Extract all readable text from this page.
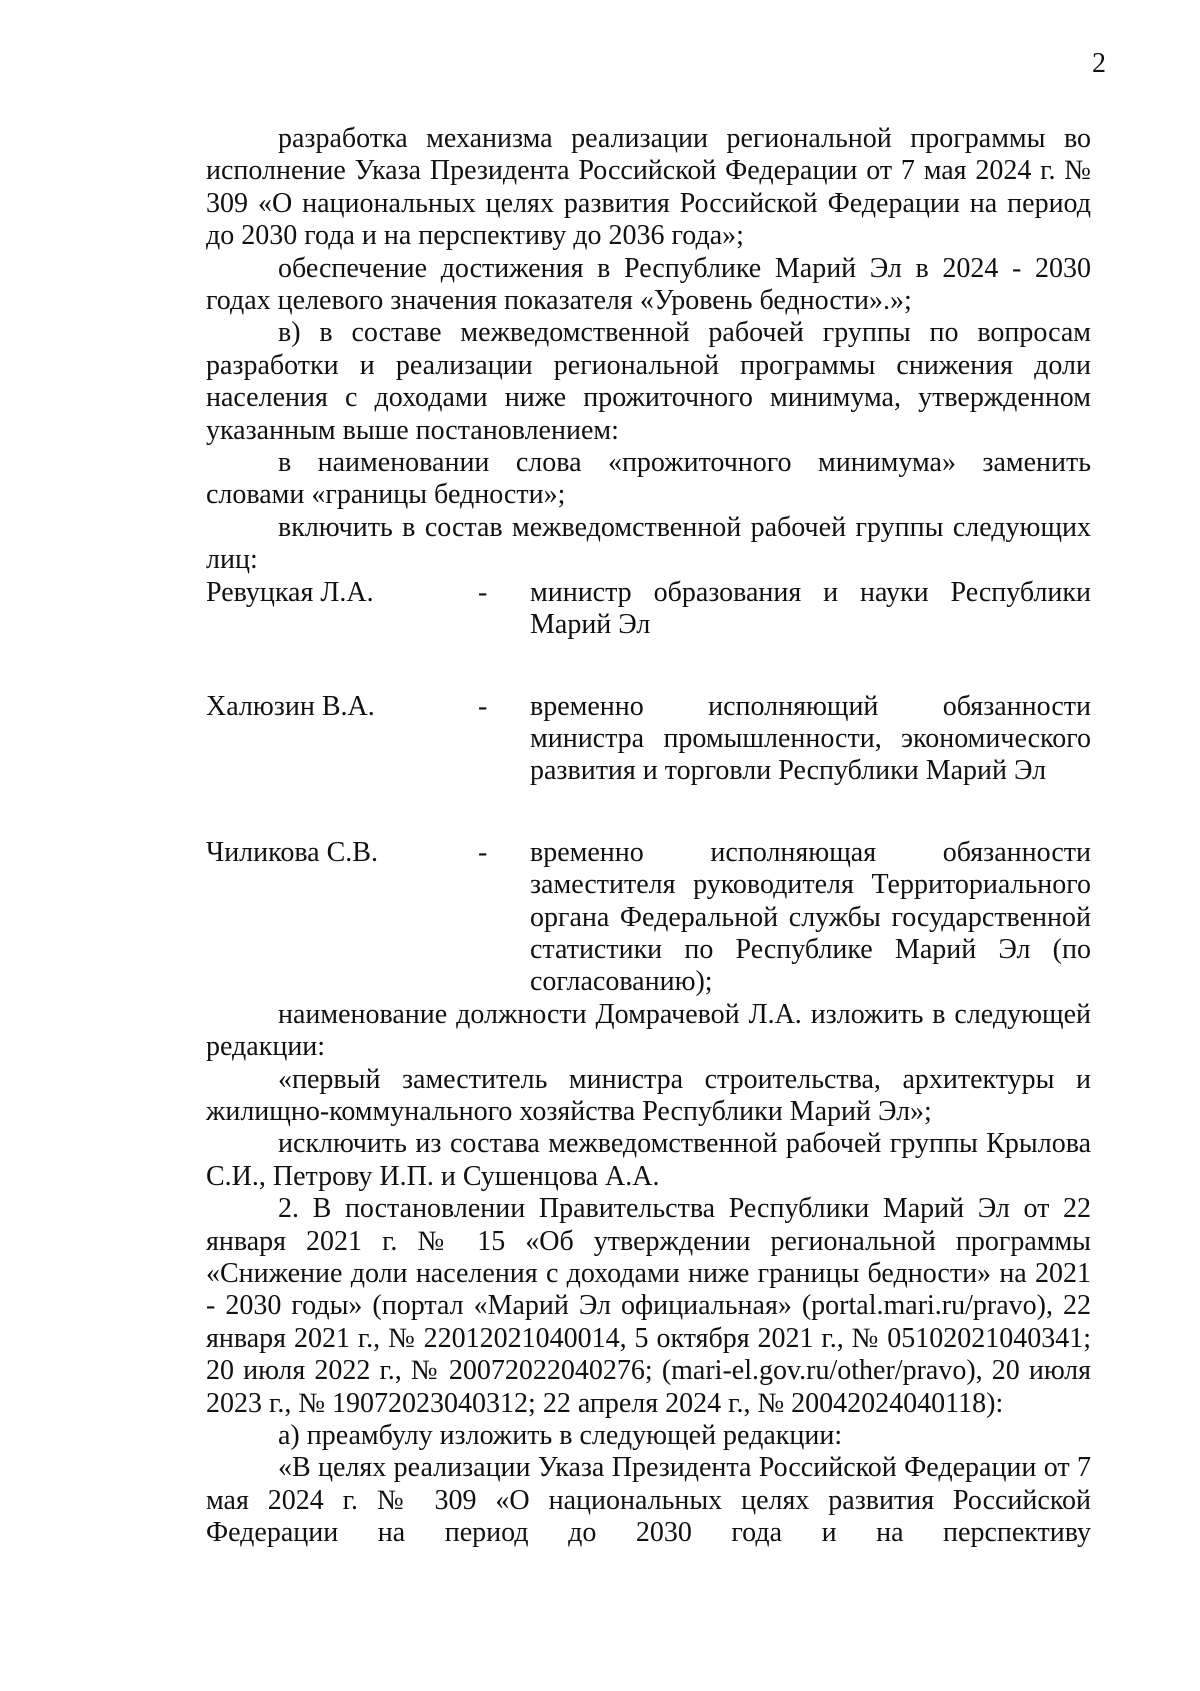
2

разработка механизма реализации региональной программы во исполнение Указа Президента Российской Федерации от 7 мая 2024 г. № 309 «О национальных целях развития Российской Федерации на период до 2030 года и на перспективу до 2036 года»;

обеспечение достижения в Республике Марий Эл в 2024 - 2030 годах целевого значения показателя «Уровень бедности».»;

в) в составе межведомственной рабочей группы по вопросам разработки и реализации региональной программы снижения доли населения с доходами ниже прожиточного минимума, утвержденном указанным выше постановлением:

в наименовании слова «прожиточного минимума» заменить словами «границы бедности»;

включить в состав межведомственной рабочей группы следующих лиц:

Ревуцкая Л.А.	-	министр образования и науки Республики Марий Эл
Халюзин В.А.	-	временно исполняющий обязанности министра промышленности, экономического развития и торговли Республики Марий Эл
Чиликова С.В.	-	временно исполняющая обязанности заместителя руководителя Территориального органа Федеральной службы государственной статистики по Республике Марий Эл (по согласованию);

наименование должности Домрачевой Л.А. изложить в следующей редакции:

«первый заместитель министра строительства, архитектуры и жилищно-коммунального хозяйства Республики Марий Эл»;

исключить из состава межведомственной рабочей группы Крылова С.И., Петрову И.П. и Сушенцова А.А.

2. В постановлении Правительства Республики Марий Эл от 22 января 2021 г. № 15 «Об утверждении региональной программы «Снижение доли населения с доходами ниже границы бедности» на 2021 - 2030 годы» (портал «Марий Эл официальная» (portal.mari.ru/pravo), 22 января 2021 г., № 22012021040014, 5 октября 2021 г., № 05102021040341; 20 июля 2022 г., № 20072022040276; (mari-el.gov.ru/other/pravo), 20 июля 2023 г., № 19072023040312; 22 апреля 2024 г., № 20042024040118):

а) преамбулу изложить в следующей редакции:

«В целях реализации Указа Президента Российской Федерации от 7 мая 2024 г. № 309 «О национальных целях развития Российской Федерации на период до 2030 года и на перспективу
